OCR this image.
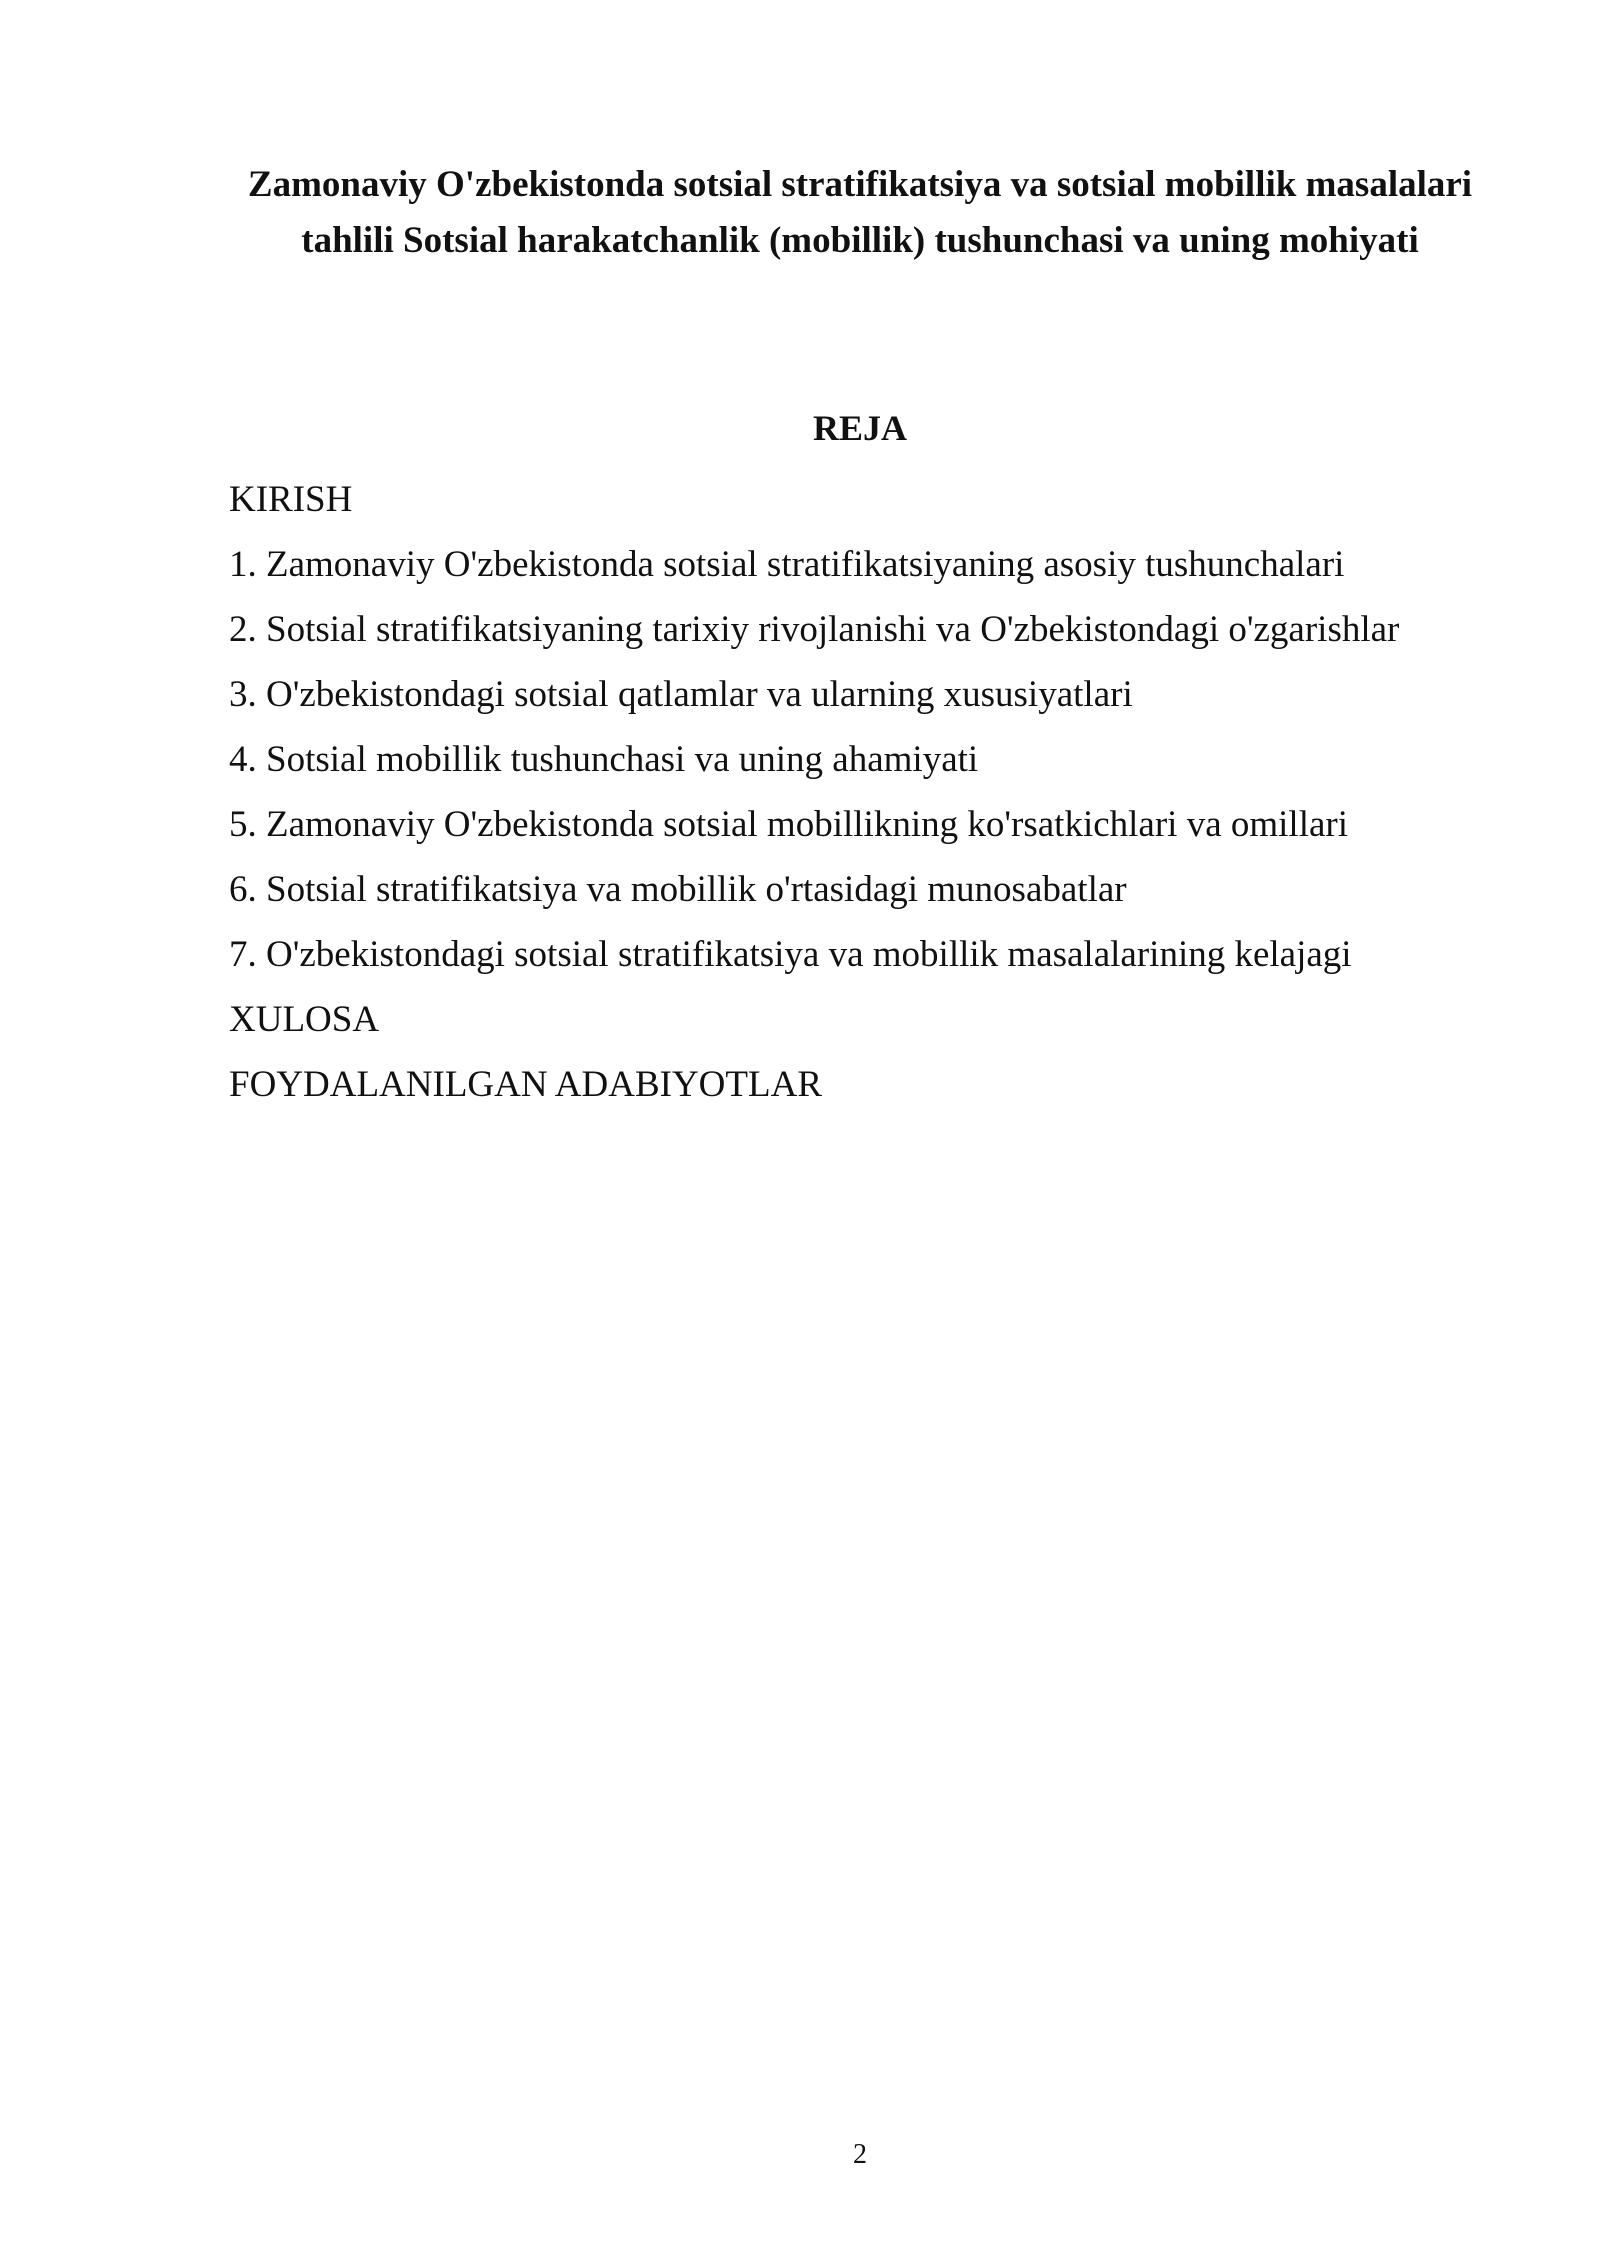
Zamonaviy O'zbekistonda sotsial stratifikatsiya va sotsial mobillik masalalari
tahlili Sotsial harakatchanlik (mobillik) tushunchasi va uning mohiyati
REJA
KIRISH
1. Zamonaviy O'zbekistonda sotsial stratifikatsiyaning asosiy tushunchalari
2. Sotsial stratifikatsiyaning tarixiy rivojlanishi va O'zbekistondagi o'zgarishlar
3. O'zbekistondagi sotsial qatlamlar va ularning xususiyatlari
4. Sotsial mobillik tushunchasi va uning ahamiyati
5. Zamonaviy O'zbekistonda sotsial mobillikning ko'rsatkichlari va omillari
6. Sotsial stratifikatsiya va mobillik o'rtasidagi munosabatlar
7. O'zbekistondagi sotsial stratifikatsiya va mobillik masalalarining kelajagi
XULOSA
FOYDALANILGAN ADABIYOTLAR
2
